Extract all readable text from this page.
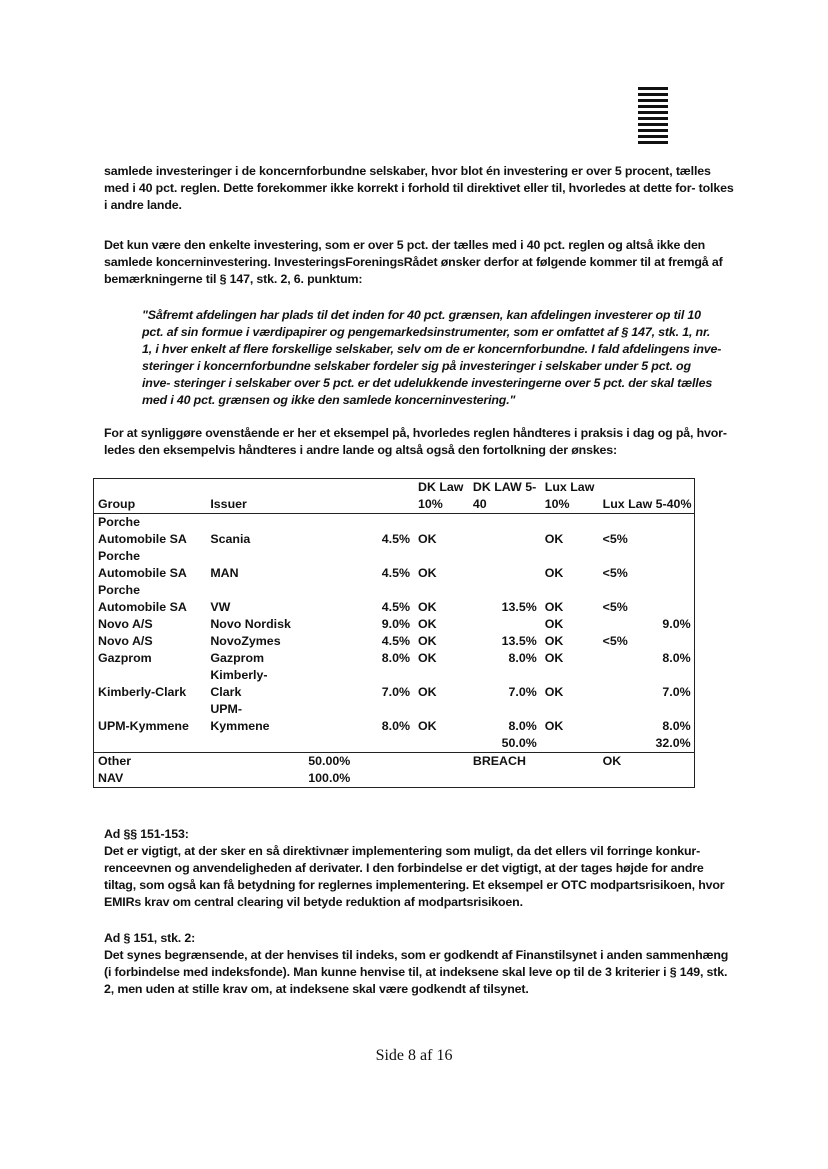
samlede investeringer i de koncernforbundne selskaber, hvor blot én investering er over 5 procent, tælles med i 40 pct. reglen. Dette forekommer ikke korrekt i forhold til direktivet eller til, hvorledes at dette for- tolkes i andre lande.
Det kun være den enkelte investering, som er over 5 pct. der tælles med i 40 pct. reglen og altså ikke den samlede koncerninvestering. InvesteringsForeningsRådet ønsker derfor at følgende kommer til at fremgå af bemærkningerne til § 147, stk. 2, 6. punktum:
"Såfremt afdelingen har plads til det inden for 40 pct. grænsen, kan afdelingen investerer op til 10 pct. af sin formue i værdipapirer og pengemarkedsinstrumenter, som er omfattet af § 147, stk. 1, nr. 1, i hver enkelt af flere forskellige selskaber, selv om de er koncernforbundne. I fald afdelingens inve- steringer i koncernforbundne selskaber fordeler sig på investeringer i selskaber under 5 pct. og inve- steringer i selskaber over 5 pct. er det udelukkende investeringerne over 5 pct. der skal tælles med i 40 pct. grænsen og ikke den samlede koncerninvestering."
For at synliggøre ovenstående er her et eksempel på, hvorledes reglen håndteres i praksis i dag og på, hvor- ledes den eksempelvis håndteres i andre lande og altså også den fortolkning der ønskes:
Group	Issuer		DK Law 10%	DK LAW 5-40	Lux Law 10%	Lux Law 5-40%
Porche Automobile SA	Scania	4.5%	OK		OK	<5%
Porche Automobile SA	MAN	4.5%	OK		OK	<5%
Porche Automobile SA	VW	4.5%	OK	13.5%	OK	<5%
Novo A/S	Novo Nordisk	9.0%	OK		OK	9.0%
Novo A/S	NovoZymes	4.5%	OK	13.5%	OK	<5%
Gazprom	Gazprom	8.0%	OK	8.0%	OK	8.0%
Kimberly-Clark	Kimberly-Clark	7.0%	OK	7.0%	OK	7.0%
UPM-Kymmene	UPM-Kymmene	8.0%	OK	8.0%	OK	8.0%
				50.0%		32.0%
Other		50.00%		BREACH		OK
NAV		100.0%				
Ad §§ 151-153:
Det er vigtigt, at der sker en så direktivnær implementering som muligt, da det ellers vil forringe konkur- renceevnen og anvendeligheden af derivater. I den forbindelse er det vigtigt, at der tages højde for andre tiltag, som også kan få betydning for reglernes implementering. Et eksempel er OTC modpartsrisikoen, hvor EMIRs krav om central clearing vil betyde reduktion af modpartsrisikoen.
Ad § 151, stk. 2:
Det synes begrænsende, at der henvises til indeks, som er godkendt af Finanstilsynet i anden sammenhæng (i forbindelse med indeksfonde). Man kunne henvise til, at indeksene skal leve op til de 3 kriterier i § 149, stk. 2, men uden at stille krav om, at indeksene skal være godkendt af tilsynet.
Side 8 af 16
